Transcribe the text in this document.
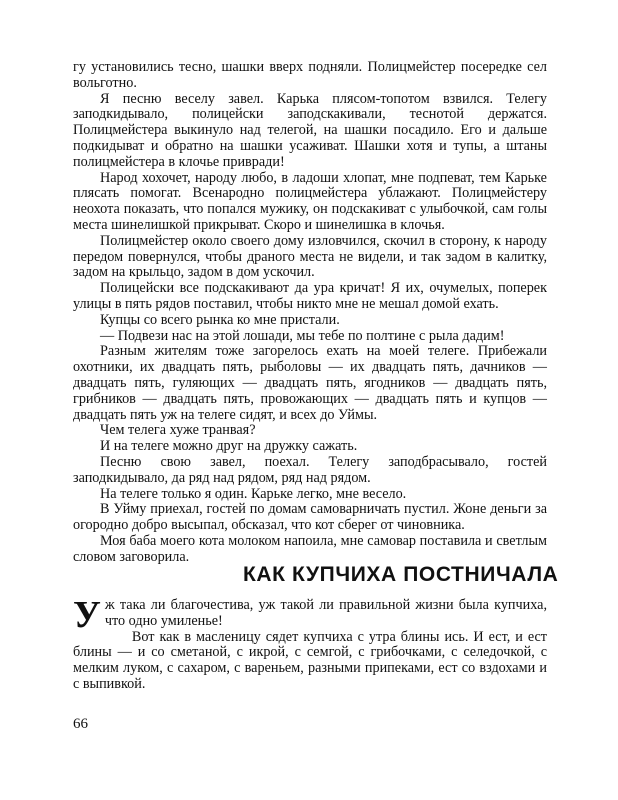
гу установились тесно, шашки вверх подняли. Полицмейстер посередке сел вольготно.

Я песню веселу завел. Карька плясом-топотом взвился. Телегу заподкидывало, полицейски заподскакивали, теснотой держатся. Полицмейстера выкинуло над телегой, на шашки посадило. Его и дальше подкидыват и обратно на шашки усаживат. Шашки хотя и тупы, а штаны полицмейстера в клочье привради!

Народ хохочет, народу любо, в ладоши хлопат, мне подпеват, тем Карьке плясать помогат. Всенародно полицмейстера ублажают. Полицмейстеру неохота показать, что попался мужику, он подскакиват с улыбочкой, сам голы места шинелишкой прикрыват. Скоро и шинелишка в клочья.

Полицмейстер около своего дому изловчился, скочил в сторону, к народу передом повернулся, чтобы драного места не видели, и так задом в калитку, задом на крыльцо, задом в дом ускочил.

Полицейски все подскакивают да ура кричат! Я их, очумелых, поперек улицы в пять рядов поставил, чтобы никто мне не мешал домой ехать.

Купцы со всего рынка ко мне пристали.

— Подвези нас на этой лошади, мы тебе по полтине с рыла дадим!

Разным жителям тоже загорелось ехать на моей телеге. Прибежали охотники, их двадцать пять, рыболовы — их двадцать пять, дачников — двадцать пять, гуляющих — двадцать пять, ягодников — двадцать пять, грибников — двадцать пять, провожающих — двадцать пять и купцов — двадцать пять уж на телеге сидят, и всех до Уймы.

Чем телега хуже транвая?

И на телеге можно друг на дружку сажать.

Песню свою завел, поехал. Телегу заподбрасывало, гостей заподкидывало, да ряд над рядом, ряд над рядом.

На телеге только я один. Карьке легко, мне весело.

В Уйму приехал, гостей по домам самоварничать пустил. Жоне деньги за огородно добро высыпал, обсказал, что кот сберег от чиновника.

Моя баба моего кота молоком напоила, мне самовар поставила и светлым словом заговорила.

КАК КУПЧИХА ПОСТНИЧАЛА

Уж така ли благочестива, уж такой ли правильной жизни была купчиха, что одно умиленье!

Вот как в масленицу сядет купчиха с утра блины ись. И ест, и ест блины — и со сметаной, с икрой, с семгой, с грибочками, с селедочкой, с мелким луком, с сахаром, с вареньем, разными припеками, ест со вздохами и с выпивкой.

66
